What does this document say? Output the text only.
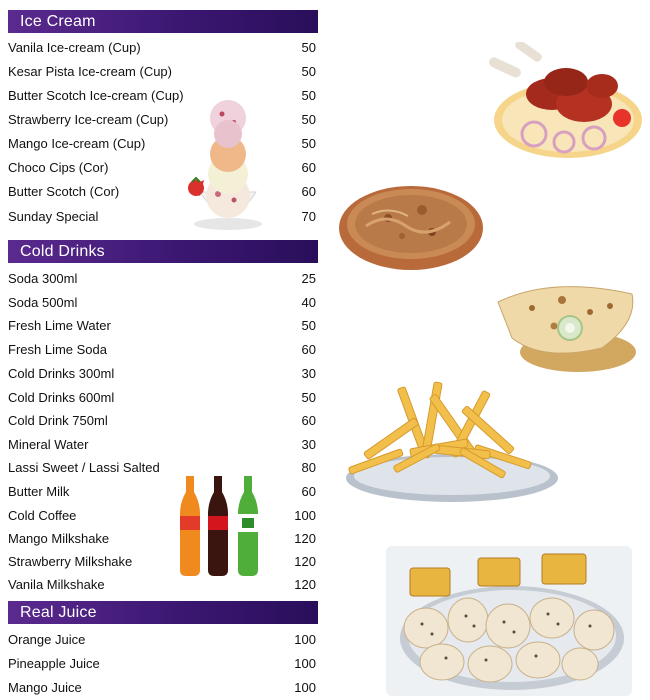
Ice Cream
Vanila Ice-cream (Cup)	50
Kesar Pista Ice-cream (Cup)	50
Butter Scotch Ice-cream (Cup)	50
Strawberry Ice-cream (Cup)	50
Mango Ice-cream (Cup)	50
Choco Cips (Cor)	60
Butter Scotch (Cor)	60
Sunday Special	70
Cold Drinks
Soda 300ml	25
Soda 500ml	40
Fresh Lime Water	50
Fresh Lime Soda	60
Cold Drinks 300ml	30
Cold Drinks 600ml	50
Cold Drink 750ml	60
Mineral Water	30
Lassi Sweet / Lassi Salted	80
Butter Milk	60
Cold Coffee	100
Mango Milkshake	120
Strawberry Milkshake	120
Vanila Milkshake	120
Real Juice
Orange Juice	100
Pineapple Juice	100
Mango Juice	100
